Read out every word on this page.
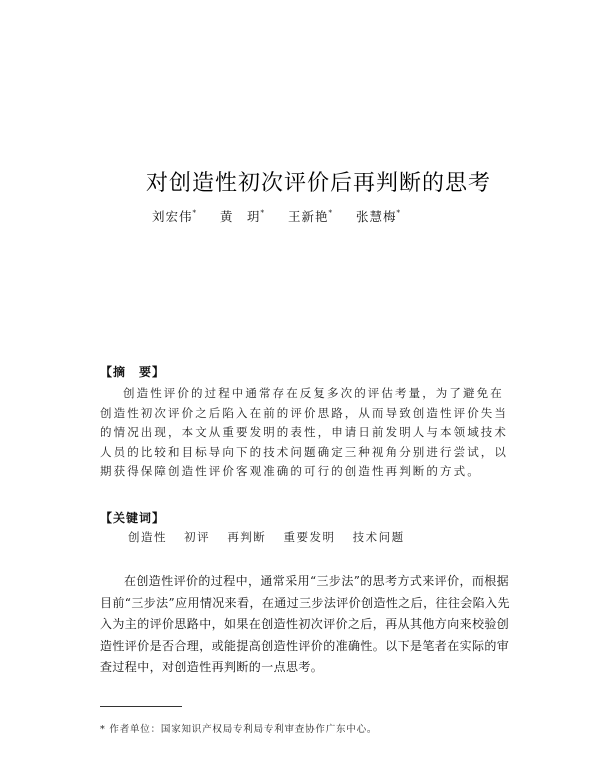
对创造性初次评价后再判断的思考
刘宏伟* 黄　玥* 王新艳* 张慧梅*
【摘　要】
创造性评价的过程中通常存在反复多次的评估考量，为了避免在创造性初次评价之后陷入在前的评价思路，从而导致创造性评价失当的情况出现，本文从重要发明的表性，申请日前发明人与本领域技术人员的比较和目标导向下的技术问题确定三种视角分别进行尝试，以期获得保障创造性评价客观准确的可行的创造性再判断的方式。
【关键词】
创造性 初评 再判断 重要发明 技术问题
在创造性评价的过程中，通常采用“三步法”的思考方式来评价，而根据目前“三步法”应用情况来看，在通过三步法评价创造性之后，往往会陷入先入为主的评价思路中，如果在创造性初次评价之后，再从其他方向来校验创造性评价是否合理，或能提高创造性评价的准确性。以下是笔者在实际的审查过程中，对创造性再判断的一点思考。
* 作者单位：国家知识产权局专利局专利审查协作广东中心。
